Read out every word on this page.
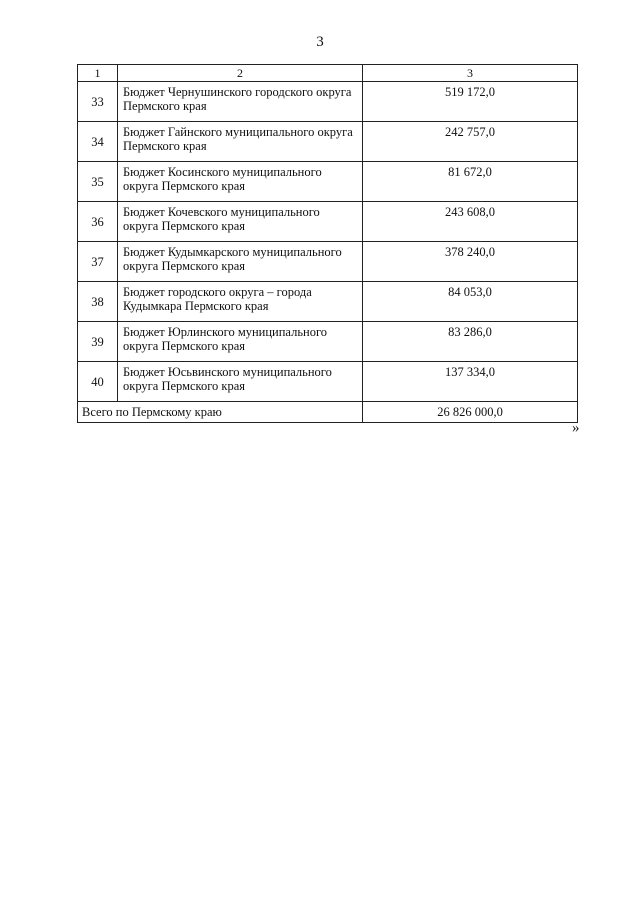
3
1	2	3
33	Бюджет Чернушинского городского округа Пермского края	519 172,0
34	Бюджет Гайнского муниципального округа Пермского края	242 757,0
35	Бюджет Косинского муниципального округа Пермского края	81 672,0
36	Бюджет Кочевского муниципального округа Пермского края	243 608,0
37	Бюджет Кудымкарского муниципального округа Пермского края	378 240,0
38	Бюджет городского округа – города Кудымкара Пермского края	84 053,0
39	Бюджет Юрлинского муниципального округа Пермского края	83 286,0
40	Бюджет Юсьвинского муниципального округа Пермского края	137 334,0
Всего по Пермскому краю		26 826 000,0
»
